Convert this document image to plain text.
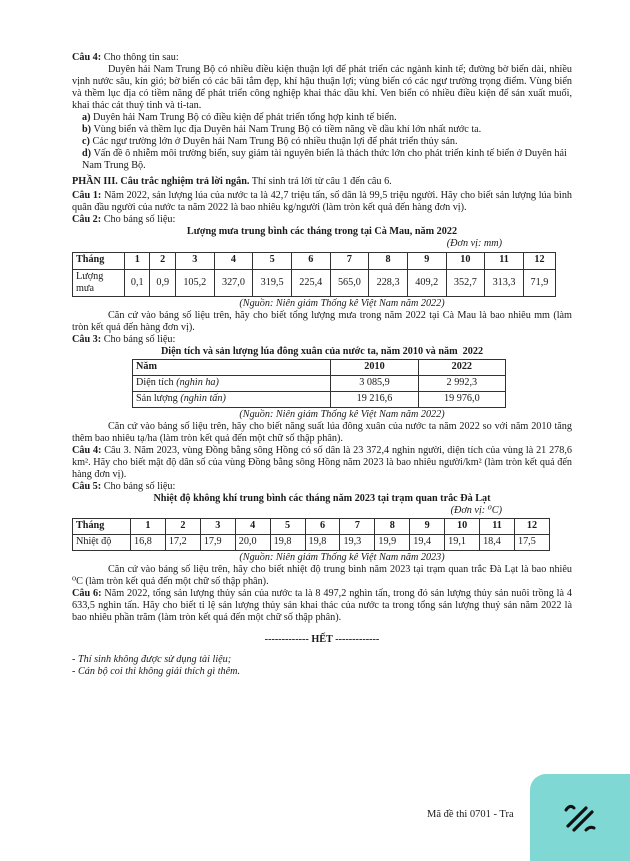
Câu 4: Cho thông tin sau:

Duyên hải Nam Trung Bộ có nhiều điều kiện thuận lợi để phát triển các ngành kinh tế; đường bờ biển dài, nhiều vịnh nước sâu, kín gió; bờ biển có các bãi tắm đẹp, khí hậu thuận lợi; vùng biển có các ngư trường trọng điểm. Vùng biển và thềm lục địa có tiềm năng để phát triển công nghiệp khai thác dầu khí. Ven biển có nhiều điều kiện để sản xuất muối, khai thác cát thuỷ tinh và ti-tan.

a) Duyên hải Nam Trung Bộ có điều kiện để phát triển tổng hợp kinh tế biển.

b) Vùng biển và thềm lục địa Duyên hải Nam Trung Bộ có tiềm năng về dầu khí lớn nhất nước ta.

c) Các ngư trường lớn ở Duyên hải Nam Trung Bộ có nhiều thuận lợi để phát triển thủy sản.

d) Vấn đề ô nhiễm môi trường biển, suy giảm tài nguyên biển là thách thức lớn cho phát triển kinh tế biển ở Duyên hải Nam Trung Bộ.

PHẦN III. Câu trắc nghiệm trả lời ngắn. Thí sinh trả lời từ câu 1 đến câu 6.

Câu 1: Năm 2022, sản lượng lúa của nước ta là 42,7 triệu tấn, số dân là 99,5 triệu người. Hãy cho biết sản lượng lúa bình quân đầu người của nước ta năm 2022 là bao nhiêu kg/người (làm tròn kết quả đến hàng đơn vị).

Câu 2: Cho bảng số liệu:

Lượng mưa trung bình các tháng trong tại Cà Mau, năm 2022

(Đơn vị: mm)

Tháng	1	2	3	4	5	6	7	8	9	10	11	12
Lượng mưa	0,1	0,9	105,2	327,0	319,5	225,4	565,0	228,3	409,2	352,7	313,3	71,9

(Nguồn: Niên giám Thống kê Việt Nam năm 2022)

Căn cứ vào bảng số liệu trên, hãy cho biết tổng lượng mưa trong năm 2022 tại Cà Mau là bao nhiêu mm (làm tròn kết quả đến hàng đơn vị).

Câu 3: Cho bảng số liệu:

Diện tích và sản lượng lúa đông xuân của nước ta, năm 2010 và năm  2022

Năm	2010	2022
Diện tích (nghìn ha)	3 085,9	2 992,3
Sản lượng (nghìn tấn)	19 216,6	19 976,0

(Nguồn: Niên giám Thống kê Việt Nam năm 2022)

Căn cứ vào bảng số liệu trên, hãy cho biết năng suất lúa đông xuân của nước ta năm 2022 so với năm 2010 tăng thêm bao nhiêu tạ/ha (làm tròn kết quả đến một chữ số thập phân).

Câu 4: Câu 3. Năm 2023, vùng Đồng bằng sông Hồng có số dân là 23 372,4 nghìn người, diện tích của vùng là 21 278,6 km². Hãy cho biết mật độ dân số của vùng Đồng bằng sông Hồng năm 2023 là bao nhiêu người/km² (làm tròn kết quả đến hàng đơn vị).

Câu 5: Cho bảng số liệu:

Nhiệt độ không khí trung bình các tháng năm 2023 tại trạm quan trắc Đà Lạt

(Đơn vị: ⁰C)

Tháng	1	2	3	4	5	6	7	8	9	10	11	12
Nhiệt độ	16,8	17,2	17,9	20,0	19,8	19,8	19,3	19,9	19,4	19,1	18,4	17,5

(Nguồn: Niên giám Thống kê Việt Nam năm 2023)

Căn cứ vào bảng số liệu trên, hãy cho biết nhiệt độ trung bình năm 2023 tại trạm quan trắc Đà Lạt là bao nhiêu ⁰C (làm tròn kết quả đến một chữ số thập phân).

Câu 6: Năm 2022, tổng sản lượng thủy sản của nước ta là 8 497,2 nghìn tấn, trong đó sản lượng thủy sản nuôi trồng là 4 633,5 nghìn tấn. Hãy cho biết tỉ lệ sản lượng thủy sản khai thác của nước ta trong tổng sản lượng thuỷ sản năm 2022 là bao nhiêu phần trăm (làm tròn kết quả đến một chữ số thập phân).

------------- HẾT -------------

- Thí sinh không được sử dụng tài liệu;

- Cán bộ coi thi không giải thích gì thêm.

Mã đề thi 0701 - Tra
